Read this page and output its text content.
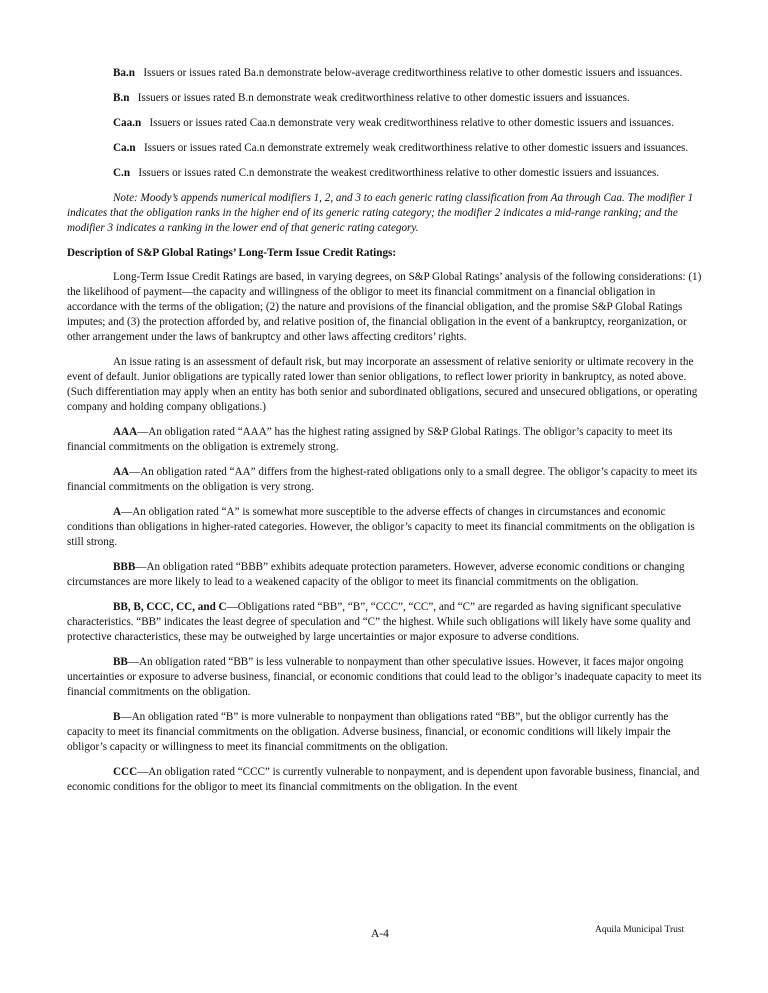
Ba.n Issuers or issues rated Ba.n demonstrate below-average creditworthiness relative to other domestic issuers and issuances.

B.n Issuers or issues rated B.n demonstrate weak creditworthiness relative to other domestic issuers and issuances.

Caa.n Issuers or issues rated Caa.n demonstrate very weak creditworthiness relative to other domestic issuers and issuances.

Ca.n Issuers or issues rated Ca.n demonstrate extremely weak creditworthiness relative to other domestic issuers and issuances.

C.n Issuers or issues rated C.n demonstrate the weakest creditworthiness relative to other domestic issuers and issuances.

Note: Moody’s appends numerical modifiers 1, 2, and 3 to each generic rating classification from Aa through Caa. The modifier 1 indicates that the obligation ranks in the higher end of its generic rating category; the modifier 2 indicates a mid-range ranking; and the modifier 3 indicates a ranking in the lower end of that generic rating category.

Description of S&P Global Ratings’ Long-Term Issue Credit Ratings:

Long-Term Issue Credit Ratings are based, in varying degrees, on S&P Global Ratings’ analysis of the following considerations: (1) the likelihood of payment—the capacity and willingness of the obligor to meet its financial commitment on a financial obligation in accordance with the terms of the obligation; (2) the nature and provisions of the financial obligation, and the promise S&P Global Ratings imputes; and (3) the protection afforded by, and relative position of, the financial obligation in the event of a bankruptcy, reorganization, or other arrangement under the laws of bankruptcy and other laws affecting creditors’ rights.

An issue rating is an assessment of default risk, but may incorporate an assessment of relative seniority or ultimate recovery in the event of default. Junior obligations are typically rated lower than senior obligations, to reflect lower priority in bankruptcy, as noted above. (Such differentiation may apply when an entity has both senior and subordinated obligations, secured and unsecured obligations, or operating company and holding company obligations.)

AAA—An obligation rated “AAA” has the highest rating assigned by S&P Global Ratings. The obligor’s capacity to meet its financial commitments on the obligation is extremely strong.

AA—An obligation rated “AA” differs from the highest-rated obligations only to a small degree. The obligor’s capacity to meet its financial commitments on the obligation is very strong.

A—An obligation rated “A” is somewhat more susceptible to the adverse effects of changes in circumstances and economic conditions than obligations in higher-rated categories. However, the obligor’s capacity to meet its financial commitments on the obligation is still strong.

BBB—An obligation rated “BBB” exhibits adequate protection parameters. However, adverse economic conditions or changing circumstances are more likely to lead to a weakened capacity of the obligor to meet its financial commitments on the obligation.

BB, B, CCC, CC, and C—Obligations rated “BB”, “B”, “CCC”, “CC”, and “C” are regarded as having significant speculative characteristics. “BB” indicates the least degree of speculation and “C” the highest. While such obligations will likely have some quality and protective characteristics, these may be outweighed by large uncertainties or major exposure to adverse conditions.

BB—An obligation rated “BB” is less vulnerable to nonpayment than other speculative issues. However, it faces major ongoing uncertainties or exposure to adverse business, financial, or economic conditions that could lead to the obligor’s inadequate capacity to meet its financial commitments on the obligation.

B—An obligation rated “B” is more vulnerable to nonpayment than obligations rated “BB”, but the obligor currently has the capacity to meet its financial commitments on the obligation. Adverse business, financial, or economic conditions will likely impair the obligor’s capacity or willingness to meet its financial commitments on the obligation.

CCC—An obligation rated “CCC” is currently vulnerable to nonpayment, and is dependent upon favorable business, financial, and economic conditions for the obligor to meet its financial commitments on the obligation. In the event

A-4	Aquila Municipal Trust
